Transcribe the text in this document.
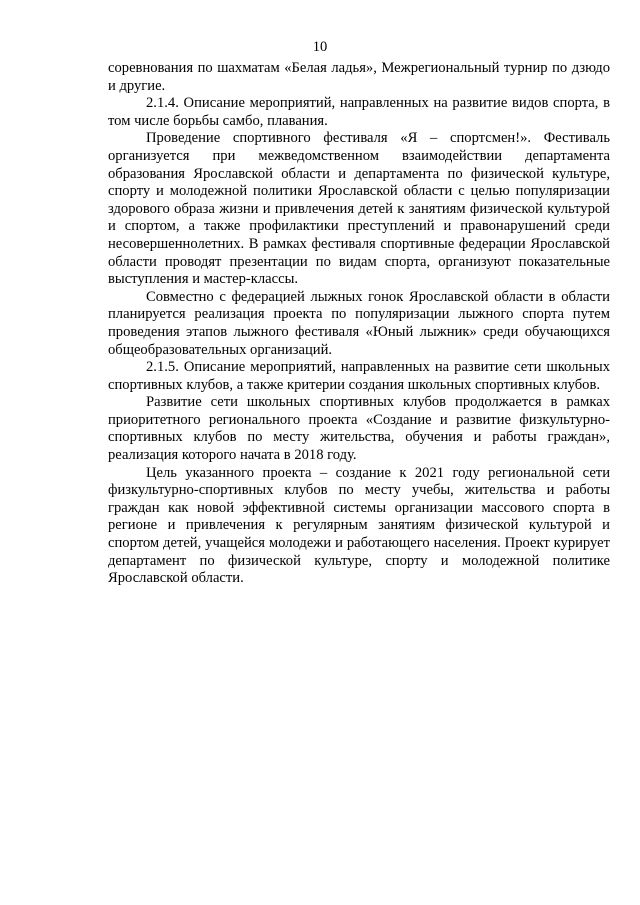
10

соревнования по шахматам «Белая ладья», Межрегиональный турнир по дзюдо и другие.

2.1.4. Описание мероприятий, направленных на развитие видов спорта, в том числе борьбы самбо, плавания.

Проведение спортивного фестиваля «Я – спортсмен!». Фестиваль организуется при межведомственном взаимодействии департамента образования Ярославской области и департамента по физической культуре, спорту и молодежной политики Ярославской области с целью популяризации здорового образа жизни и привлечения детей к занятиям физической культурой и спортом, а также профилактики преступлений и правонарушений среди несовершеннолетних. В рамках фестиваля спортивные федерации Ярославской области проводят презентации по видам спорта, организуют показательные выступления и мастер-классы.

Совместно с федерацией лыжных гонок Ярославской области в области планируется реализация проекта по популяризации лыжного спорта путем проведения этапов лыжного фестиваля «Юный лыжник» среди обучающихся общеобразовательных организаций.

2.1.5. Описание мероприятий, направленных на развитие сети школьных спортивных клубов, а также критерии создания школьных спортивных клубов.

Развитие сети школьных спортивных клубов продолжается в рамках приоритетного регионального проекта «Создание и развитие физкультурно-спортивных клубов по месту жительства, обучения и работы граждан», реализация которого начата в 2018 году.

Цель указанного проекта – создание к 2021 году региональной сети физкультурно-спортивных клубов по месту учебы, жительства и работы граждан как новой эффективной системы организации массового спорта в регионе и привлечения к регулярным занятиям физической культурой и спортом детей, учащейся молодежи и работающего населения. Проект курирует департамент по физической культуре, спорту и молодежной политике Ярославской области.
